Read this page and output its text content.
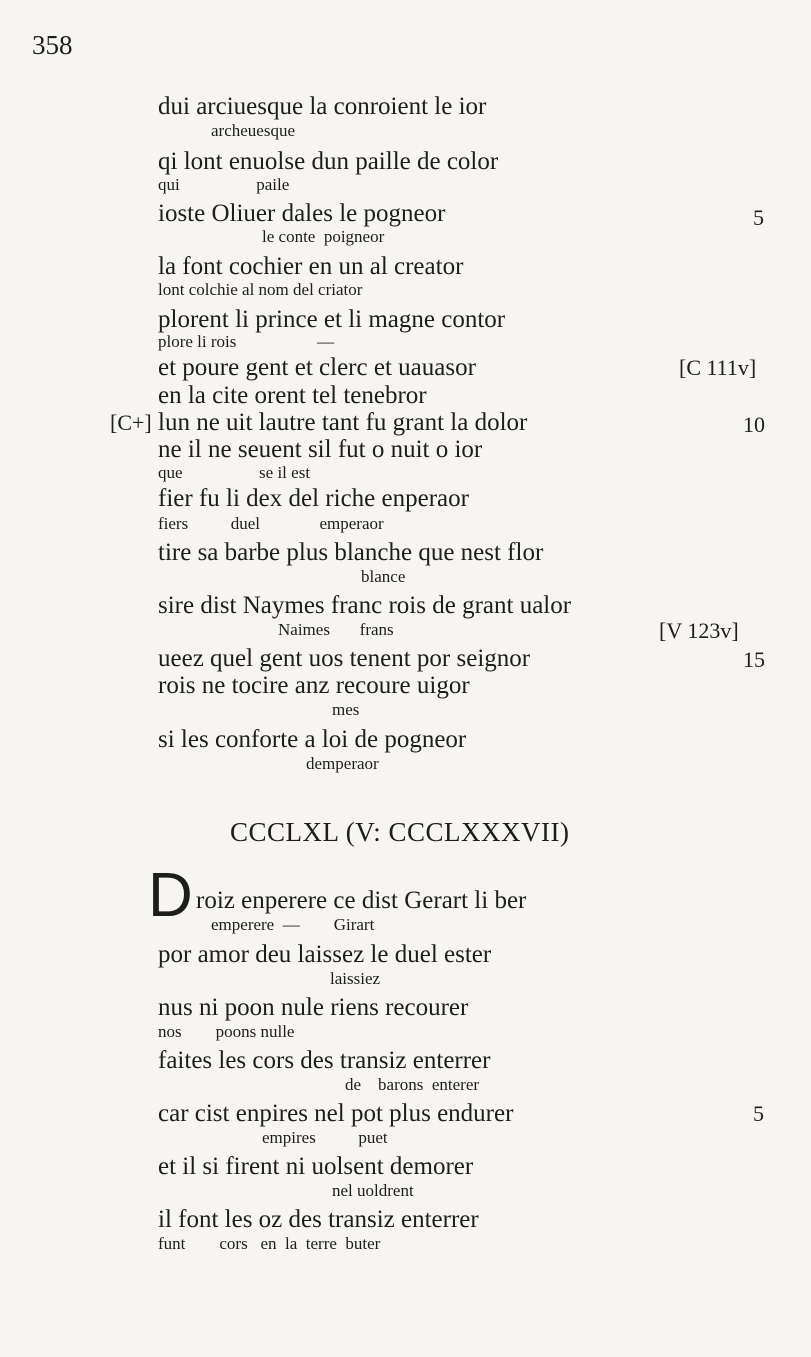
358
dui arciuesque la conroient le ior
archeuesque
qi lont enuolse dun paille de color
qui                  paile
ioste Oliuer dales le pogneor
le conte  poigneor
la font cochier en un al creator
lont colchie al nom del criator
plorent li prince et li magne contor
plore li rois                   —
et poure gent et clerc et uauasor
en la cite orent tel tenebror
lun ne uit lautre tant fu grant la dolor
ne il ne seuent sil fut o nuit o ior
que                  se il est
fier fu li dex del riche enperaor
fiers          duel              emperaor
tire sa barbe plus blanche que nest flor
blance
sire dist Naymes franc rois de grant ualor
Naimes       frans
ueez quel gent uos tenent por seignor
rois ne tocire anz recoure uigor
mes
si les conforte a loi de pogneor
demperaor
5
[C 111v]
[C+]	10
[V 123v]
15
CCCLXL (V: CCCLXXXVII)
D roiz enperere ce dist Gerart li ber
emperere  —        Girart
por amor deu laissez le duel ester
laissiez
nus ni poon nule riens recourer
nos        poons nulle
faites les cors des transiz enterrer
de    barons  enterer
car cist enpires nel pot plus endurer
empires          puet
et il si firent ni uolsent demorer
nel uoldrent
il font les oz des transiz enterrer
funt        cors   en  la  terre  buter
5
